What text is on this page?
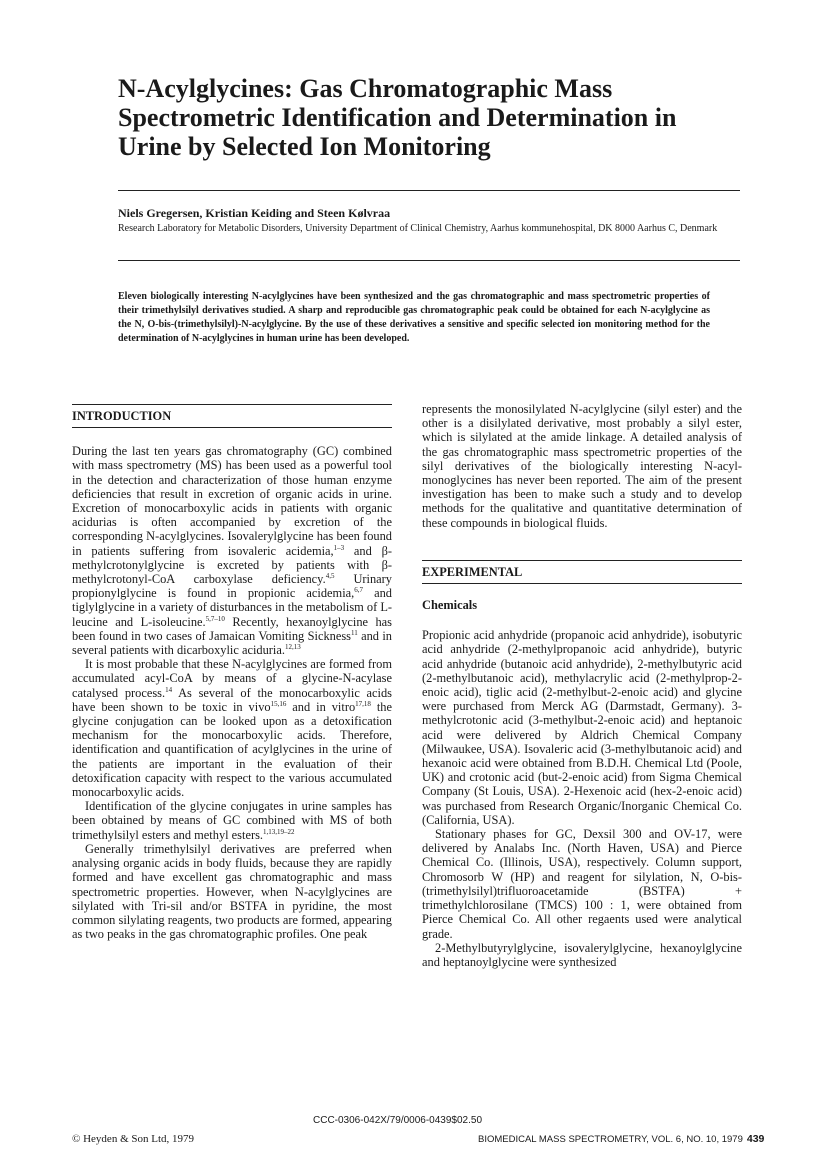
N-Acylglycines: Gas Chromatographic Mass Spectrometric Identification and Determination in Urine by Selected Ion Monitoring
Niels Gregersen, Kristian Keiding and Steen Kølvraa
Research Laboratory for Metabolic Disorders, University Department of Clinical Chemistry, Aarhus kommunehospital, DK 8000 Aarhus C, Denmark
Eleven biologically interesting N-acylglycines have been synthesized and the gas chromatographic and mass spectrometric properties of their trimethylsilyl derivatives studied. A sharp and reproducible gas chromatographic peak could be obtained for each N-acylglycine as the N, O-bis-(trimethylsilyl)-N-acylglycine. By the use of these derivatives a sensitive and specific selected ion monitoring method for the determination of N-acylglycines in human urine has been developed.
INTRODUCTION

During the last ten years gas chromatography (GC) combined with mass spectrometry (MS) has been used as a powerful tool in the detection and characterization of those human enzyme deficiencies that result in excretion of organic acids in urine. Excretion of monocarboxylic acids in patients with organic acidurias is often accompanied by excretion of the corresponding N-acylglycines. Isovalerylglycine has been found in patients suffering from isovaleric acidemia,$^{1-3}$ and β-methylcrotonylglycine is excreted by patients with β-methylcrotonyl-CoA carboxylase deficiency.$^{4,5}$ Urinary propionylglycine is found in propionic acidemia,$^{6,7}$ and tiglylglycine in a variety of disturbances in the metabolism of L-leucine and L-isoleucine.$^{5,7-10}$ Recently, hexanoylglycine has been found in two cases of Jamaican Vomiting Sickness$^{11}$ and in several patients with dicarboxylic aciduria.$^{12,13}$

It is most probable that these N-acylglycines are formed from accumulated acyl-CoA by means of a glycine-N-acylase catalysed process.$^{14}$ As several of the monocarboxylic acids have been shown to be toxic in vivo$^{15,16}$ and in vitro$^{17,18}$ the glycine conjugation can be looked upon as a detoxification mechanism for the monocarboxylic acids. Therefore, identification and quantification of acylglycines in the urine of the patients are important in the evaluation of their detoxification capacity with respect to the various accumulated monocarboxylic acids.

Identification of the glycine conjugates in urine samples has been obtained by means of GC combined with MS of both trimethylsilyl esters and methyl esters.$^{1,13,19-22}$

Generally trimethylsilyl derivatives are preferred when analysing organic acids in body fluids, because they are rapidly formed and have excellent gas chromatographic and mass spectrometric properties. However, when N-acylglycines are silylated with Tri-sil and/or BSTFA in pyridine, the most common silylating reagents, two products are formed, appearing as two peaks in the gas chromatographic profiles. One peak

represents the monosilylated N-acylglycine (silyl ester) and the other is a disilylated derivative, most probably a silyl ester, which is silylated at the amide linkage. A detailed analysis of the gas chromatographic mass spectrometric properties of the silyl derivatives of the biologically interesting N-acyl-monoglycines has never been reported. The aim of the present investigation has been to make such a study and to develop methods for the qualitative and quantitative determination of these compounds in biological fluids.

EXPERIMENTAL
Chemicals

Propionic acid anhydride (propanoic acid anhydride), isobutyric acid anhydride (2-methylpropanoic acid anhydride), butyric acid anhydride (butanoic acid anhydride), 2-methylbutyric acid (2-methylbutanoic acid), methylacrylic acid (2-methylprop-2-enoic acid), tiglic acid (2-methylbut-2-enoic acid) and glycine were purchased from Merck AG (Darmstadt, Germany). 3-methylcrotonic acid (3-methylbut-2-enoic acid) and heptanoic acid were delivered by Aldrich Chemical Company (Milwaukee, USA). Isovaleric acid (3-methylbutanoic acid) and hexanoic acid were obtained from B.D.H. Chemical Ltd (Poole, UK) and crotonic acid (but-2-enoic acid) from Sigma Chemical Company (St Louis, USA). 2-Hexenoic acid (hex-2-enoic acid) was purchased from Research Organic/Inorganic Chemical Co. (California, USA).

Stationary phases for GC, Dexsil 300 and OV-17, were delivered by Analabs Inc. (North Haven, USA) and Pierce Chemical Co. (Illinois, USA), respectively. Column support, Chromosorb W (HP) and reagent for silylation, N, O-bis-(trimethylsilyl)trifluoroacetamide (BSTFA) + trimethylchlorosilane (TMCS) 100 : 1, were obtained from Pierce Chemical Co. All other regaents used were analytical grade.

2-Methylbutyrylglycine, isovalerylglycine, hexanoylglycine and heptanoylglycine were synthesized

CCC-0306-042X/79/0006-0439$02.50
© Heyden & Son Ltd, 1979	BIOMEDICAL MASS SPECTROMETRY, VOL. 6, NO. 10, 1979 439
